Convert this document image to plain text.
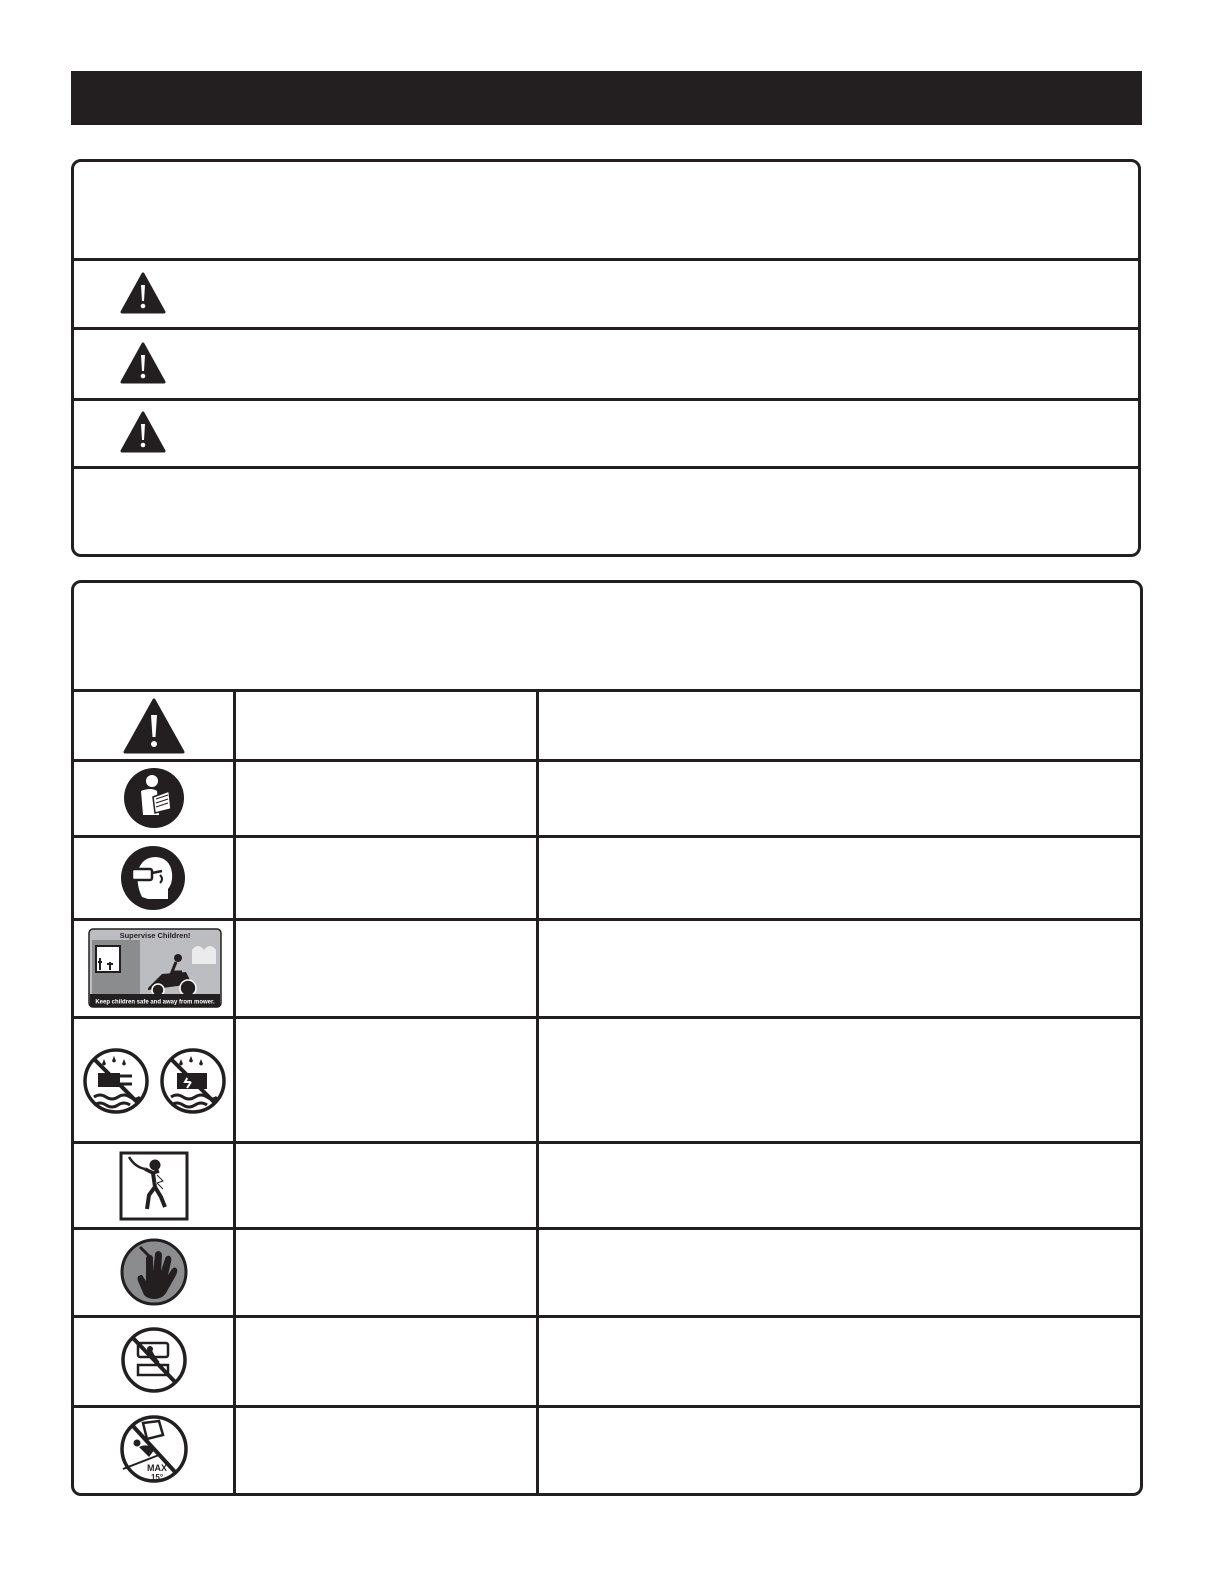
Supervise Children!
Keep children safe and away from mower.
MAX
15°
